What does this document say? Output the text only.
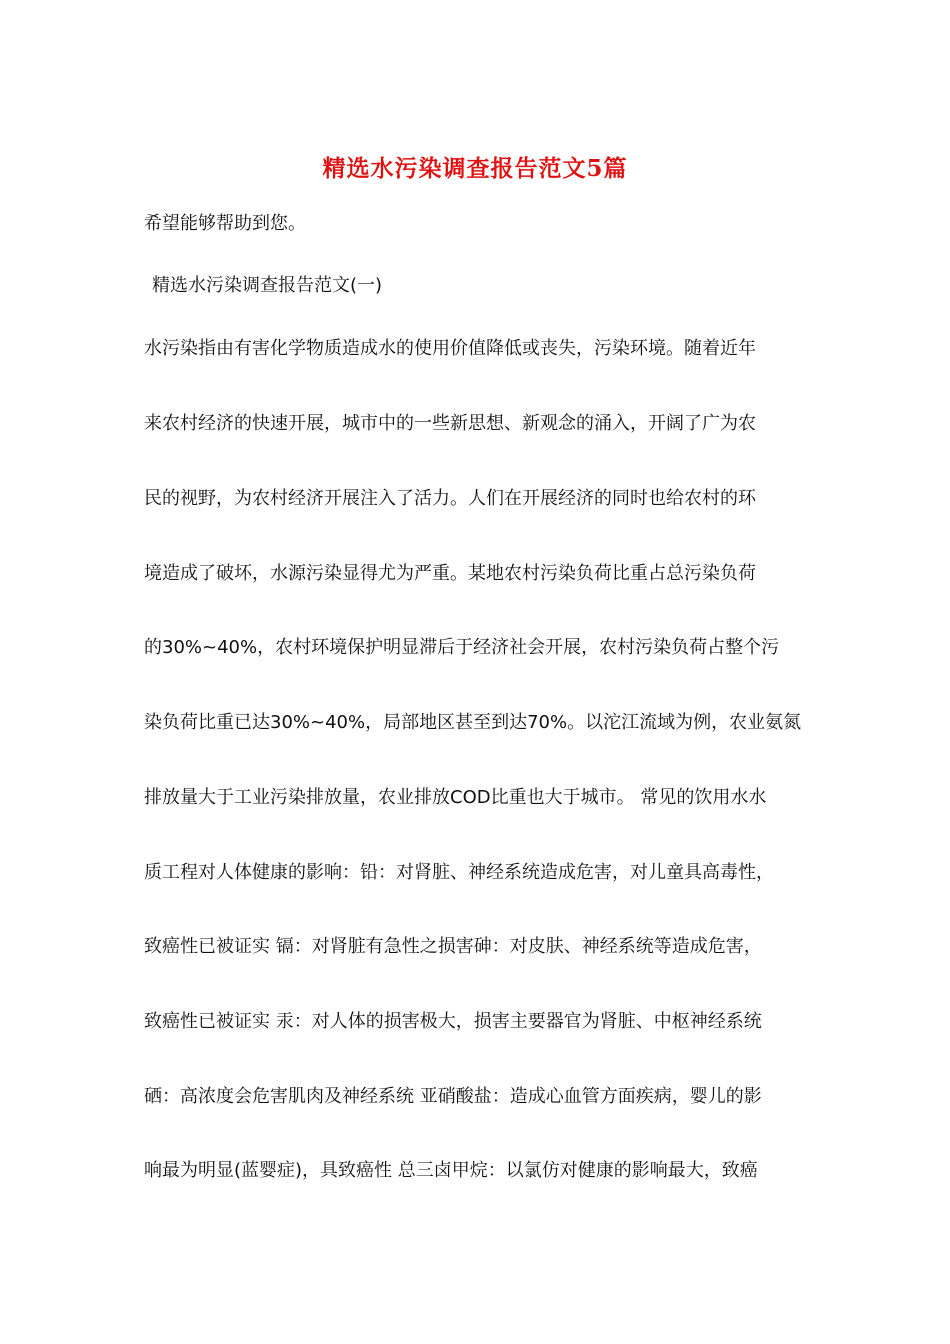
精选水污染调查报告范文5篇
希望能够帮助到您。
精选水污染调查报告范文(一)
水污染指由有害化学物质造成水的使用价值降低或丧失，污染环境。随着近年
来农村经济的快速开展，城市中的一些新思想、新观念的涌入，开阔了广为农
民的视野，为农村经济开展注入了活力。人们在开展经济的同时也给农村的环
境造成了破坏，水源污染显得尤为严重。某地农村污染负荷比重占总污染负荷
的30%~40%，农村环境保护明显滞后于经济社会开展，农村污染负荷占整个污
染负荷比重已达30%~40%，局部地区甚至到达70%。以沱江流域为例，农业氨氮
排放量大于工业污染排放量，农业排放COD比重也大于城市。 常见的饮用水水
质工程对人体健康的影响：铅：对肾脏、神经系统造成危害，对儿童具高毒性，
致癌性已被证实 镉：对肾脏有急性之损害砷：对皮肤、神经系统等造成危害，
致癌性已被证实 汞：对人体的损害极大，损害主要器官为肾脏、中枢神经系统
硒：高浓度会危害肌肉及神经系统 亚硝酸盐：造成心血管方面疾病，婴儿的影
响最为明显(蓝婴症)，具致癌性 总三卤甲烷：以氯仿对健康的影响最大，致癌
